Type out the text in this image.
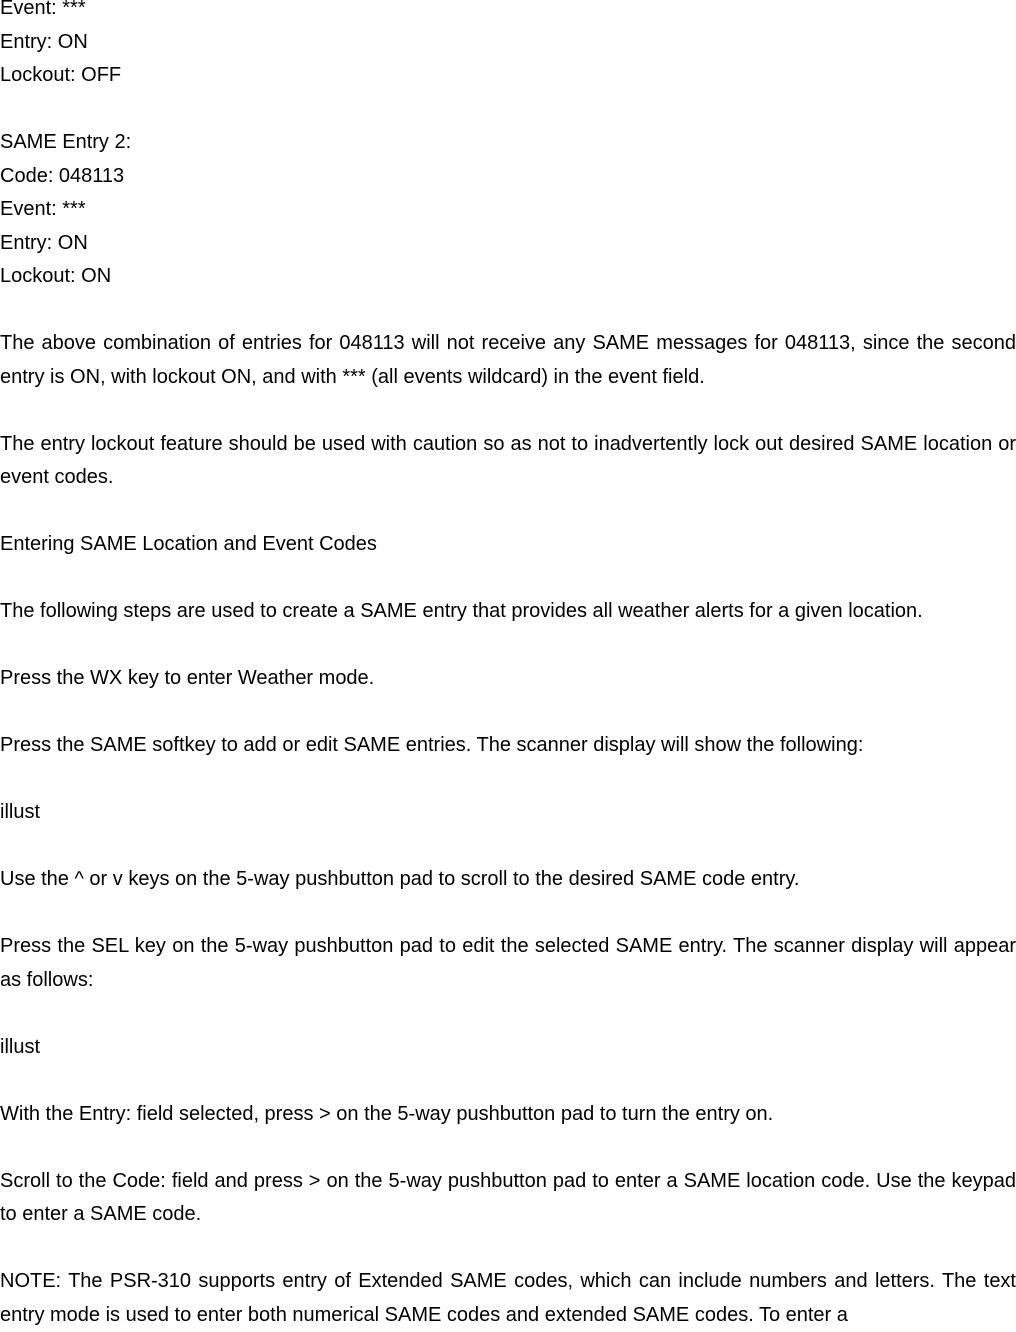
Event: ***
Entry: ON
Lockout: OFF
SAME Entry 2:
Code: 048113
Event: ***
Entry: ON
Lockout: ON

The above combination of entries for 048113 will not receive any SAME messages for 048113, since the second entry is ON, with lockout ON, and with *** (all events wildcard) in the event field.

The entry lockout feature should be used with caution so as not to inadvertently lock out desired SAME location or event codes.

Entering SAME Location and Event Codes
The following steps are used to create a SAME entry that provides all weather alerts for a given location.
Press the WX key to enter Weather mode.
Press the SAME softkey to add or edit SAME entries. The scanner display will show the following:
illust
Use the ^ or v keys on the 5-way pushbutton pad to scroll to the desired SAME code entry.

Press the SEL key on the 5-way pushbutton pad to edit the selected SAME entry. The scanner display will appear as follows:

illust
With the Entry: field selected, press > on the 5-way pushbutton pad to turn the entry on.

Scroll to the Code: field and press > on the 5-way pushbutton pad to enter a SAME location code. Use the keypad to enter a SAME code.

NOTE: The PSR-310 supports entry of Extended SAME codes, which can include numbers and letters. The text entry mode is used to enter both numerical SAME codes and extended SAME codes. To enter a
